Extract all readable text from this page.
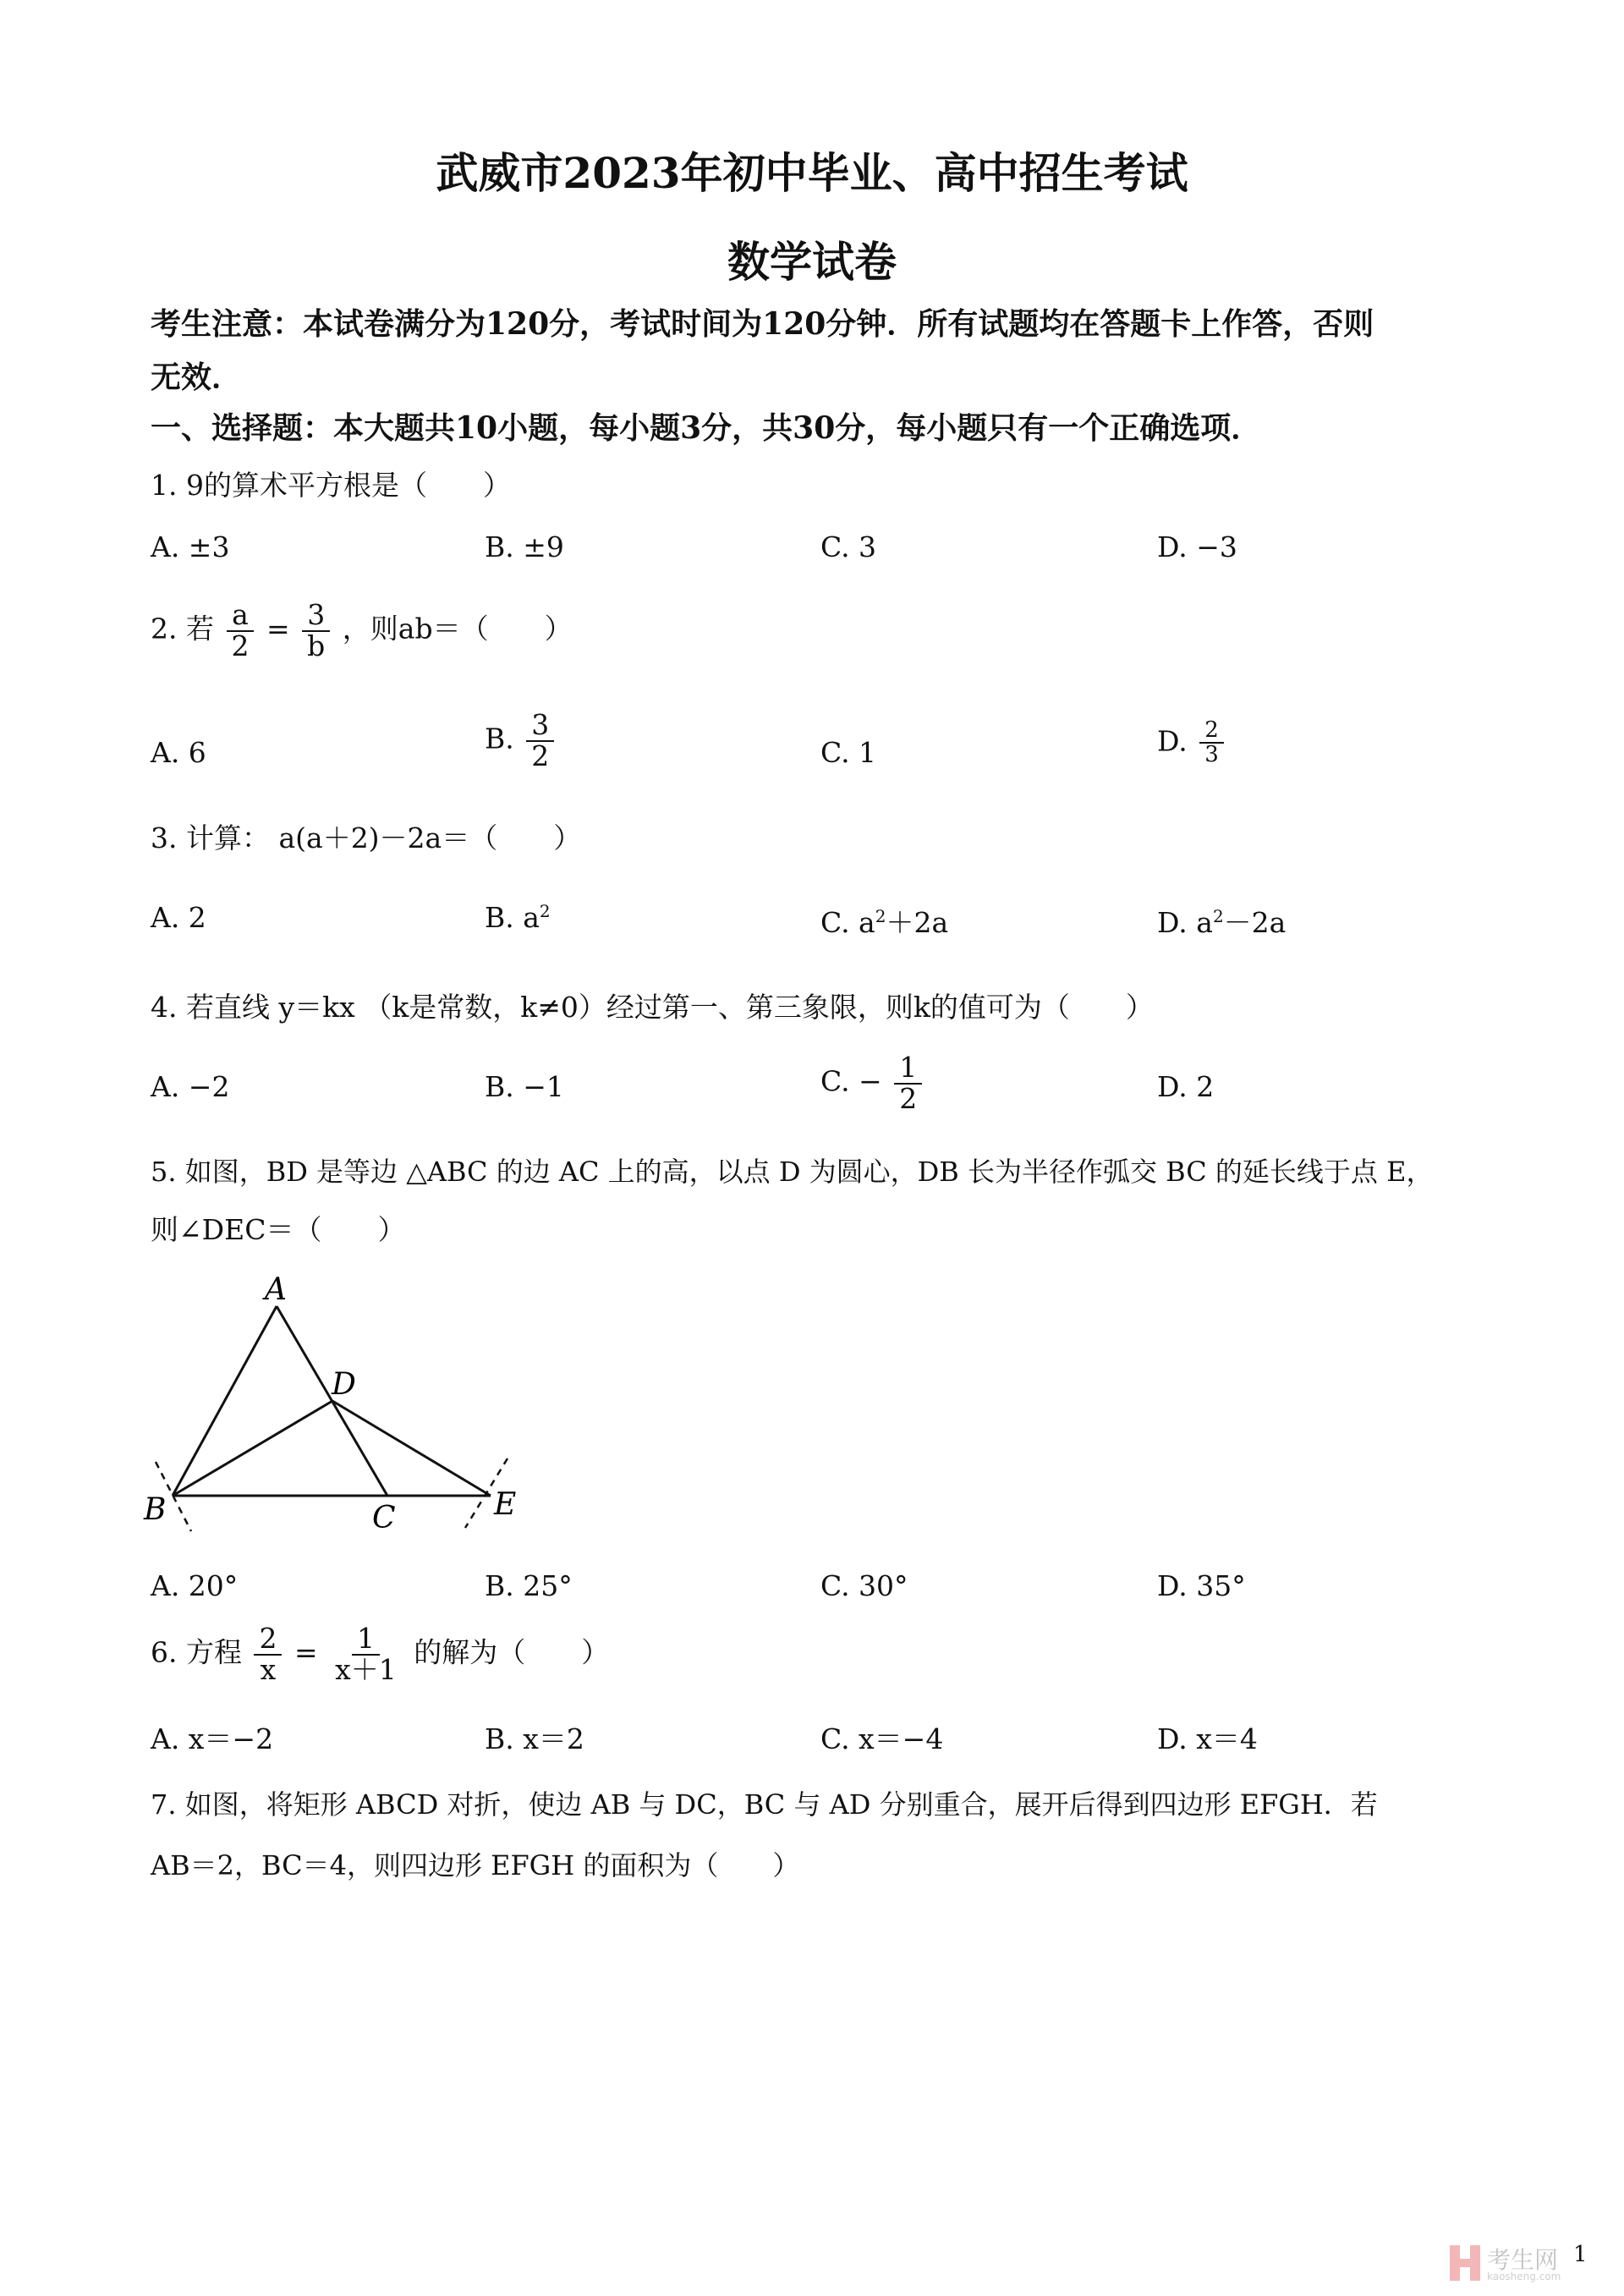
武威市2023年初中毕业、高中招生考试
数学试卷
考生注意：本试卷满分为120分，考试时间为120分钟．所有试题均在答题卡上作答，否则
无效．
一、选择题：本大题共10小题，每小题3分，共30分，每小题只有一个正确选项．
1. 9的算术平方根是（　　）
A. ±3	B. ±9	C. 3	D. −3
2. 若 $\frac{a}{2} = \frac{3}{b}$ ，则ab＝（　　）
A. 6	B. $\frac{3}{2}$	C. 1	D. $\frac{2}{3}$
3. 计算： a(a＋2)－2a＝（　　）
A. 2	B. $a^2$	C. $a^2+2a$	D. $a^2-2a$
4. 若直线 y＝kx （k是常数，k≠0）经过第一、第三象限，则k的值可为（　　）
A. −2	B. −1	C. − $\frac{1}{2}$	D. 2
5. 如图，BD 是等边 △ABC 的边 AC 上的高，以点 D 为圆心，DB 长为半径作弧交 BC 的延长线于点 E，
则∠DEC＝（　　）
A
D
B	C	E
A. 20°	B. 25°	C. 30°	D. 35°
6. 方程 $\frac{2}{x} = \frac{1}{x+1}$ 的解为（　　）
A. x＝−2	B. x＝2	C. x＝−4	D. x＝4
7. 如图，将矩形 ABCD 对折，使边 AB 与 DC，BC 与 AD 分别重合，展开后得到四边形 EFGH．若
AB＝2，BC＝4，则四边形 EFGH 的面积为（　　）
1
考生网
kaosheng.com
